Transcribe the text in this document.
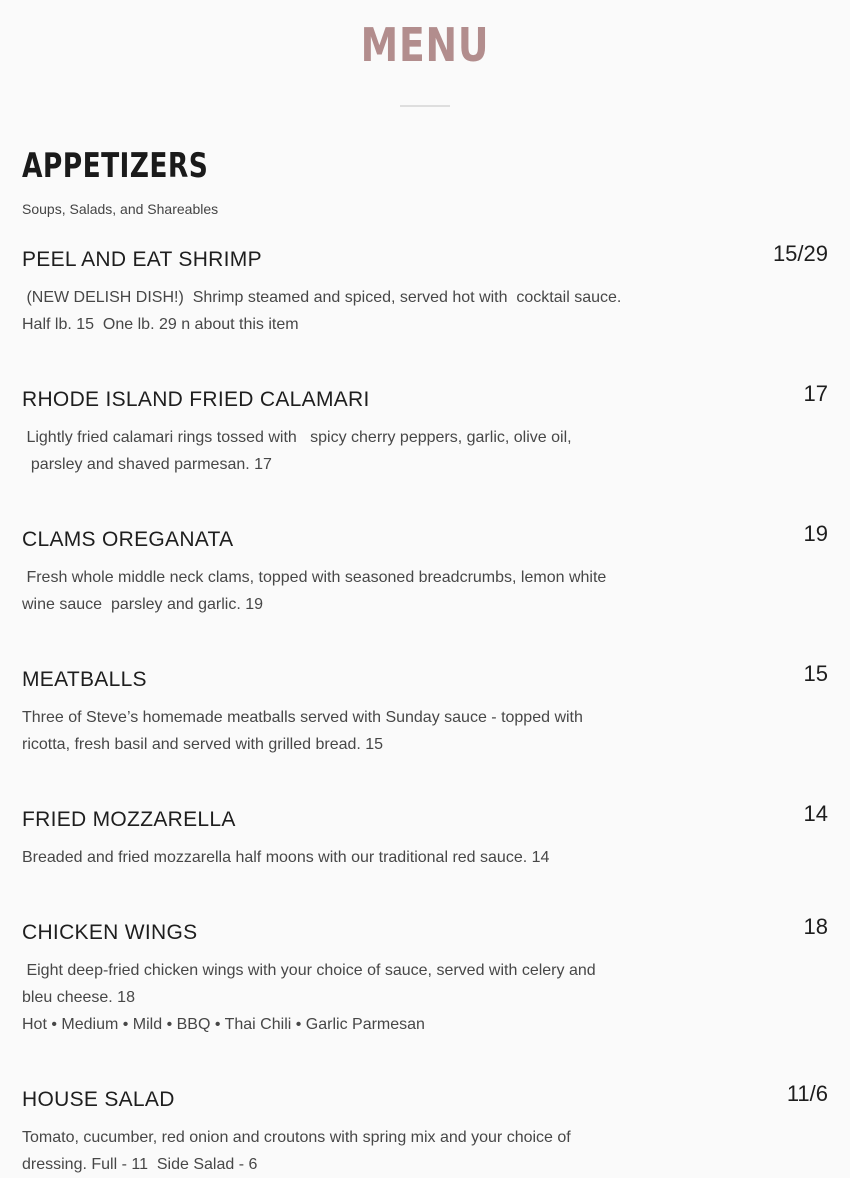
MENU
APPETIZERS
Soups, Salads, and Shareables
PEEL AND EAT SHRIMP	15/29
(NEW DELISH DISH!)  Shrimp steamed and spiced, served hot with  cocktail sauce. Half lb. 15  One lb. 29 n about this item
RHODE ISLAND FRIED CALAMARI	17
Lightly fried calamari rings tossed with   spicy cherry peppers, garlic, olive oil,
parsley and shaved parmesan. 17
CLAMS OREGANATA	19
Fresh whole middle neck clams, topped with seasoned breadcrumbs, lemon white wine sauce  parsley and garlic. 19
MEATBALLS	15
Three of Steve’s homemade meatballs served with Sunday sauce - topped with ricotta, fresh basil and served with grilled bread. 15
FRIED MOZZARELLA	14
Breaded and fried mozzarella half moons with our traditional red sauce. 14
CHICKEN WINGS	18
Eight deep-fried chicken wings with your choice of sauce, served with celery and bleu cheese. 18
Hot • Medium • Mild • BBQ • Thai Chili • Garlic Parmesan
HOUSE SALAD	11/6
Tomato, cucumber, red onion and croutons with spring mix and your choice of dressing. Full - 11  Side Salad - 6
